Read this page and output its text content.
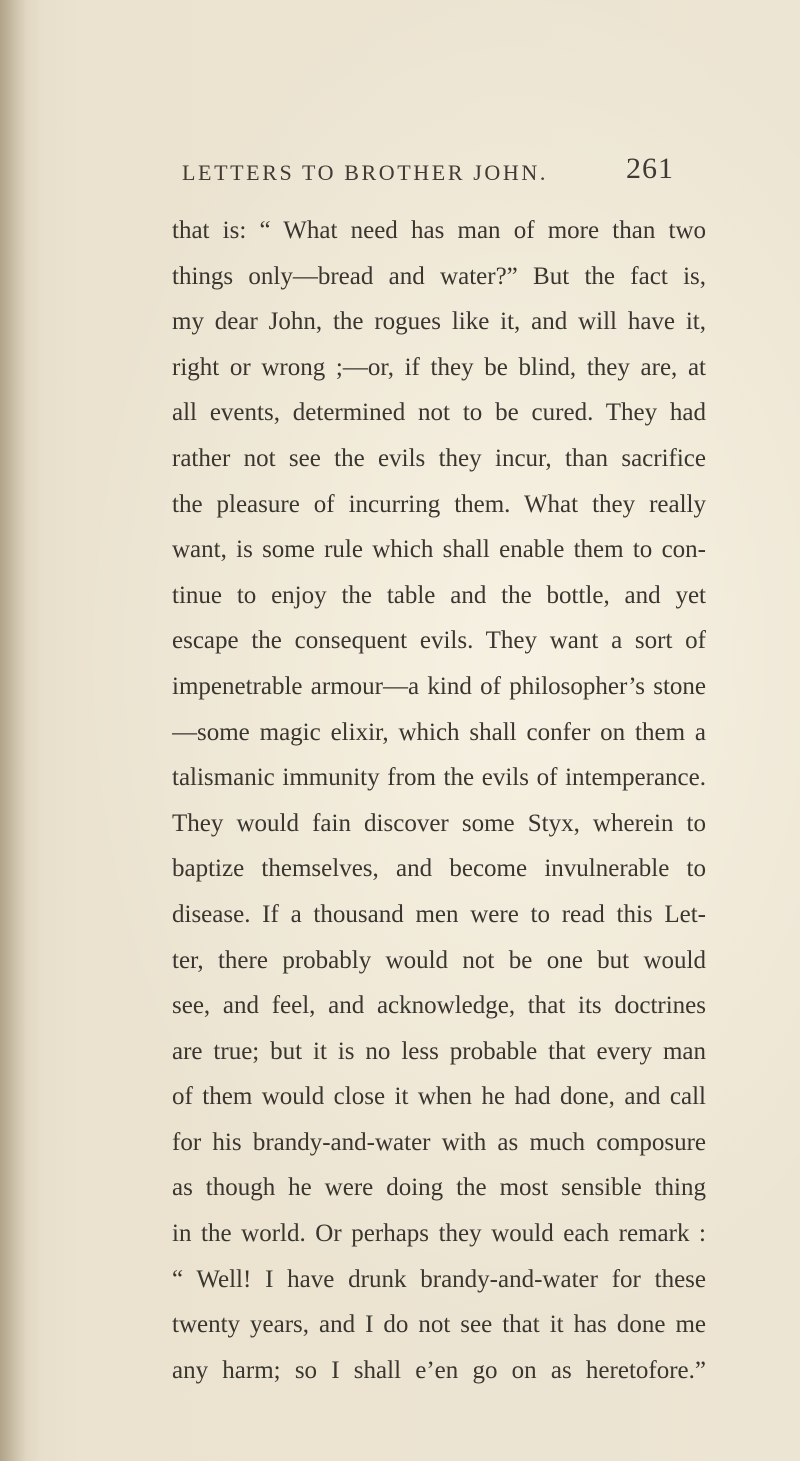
LETTERS TO BROTHER JOHN.	261
that is: “ What need has man of more than two
things only—bread and water?” But the fact is,
my dear John, the rogues like it, and will have it,
right or wrong ;—or, if they be blind, they are, at
all events, determined not to be cured. They had
rather not see the evils they incur, than sacrifice
the pleasure of incurring them. What they really
want, is some rule which shall enable them to con-
tinue to enjoy the table and the bottle, and yet
escape the consequent evils. They want a sort of
impenetrable armour—a kind of philosopher’s stone
—some magic elixir, which shall confer on them a
talismanic immunity from the evils of intemperance.
They would fain discover some Styx, wherein to
baptize themselves, and become invulnerable to
disease. If a thousand men were to read this Let-
ter, there probably would not be one but would
see, and feel, and acknowledge, that its doctrines
are true; but it is no less probable that every man
of them would close it when he had done, and call
for his brandy-and-water with as much composure
as though he were doing the most sensible thing
in the world. Or perhaps they would each remark :
“ Well! I have drunk brandy-and-water for these
twenty years, and I do not see that it has done me
any harm; so I shall e’en go on as heretofore.”
